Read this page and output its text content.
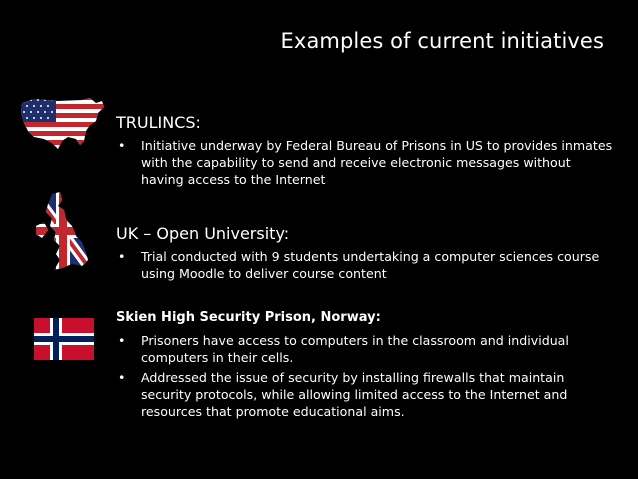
Examples of current initiatives
TRULINCS:
• Initiative underway by Federal Bureau of Prisons in US to provides inmates with the capability to send and receive electronic messages without having access to the Internet
UK – Open University:
• Trial conducted with 9 students undertaking a computer sciences course using Moodle to deliver course content
Skien High Security Prison, Norway:
• Prisoners have access to computers in the classroom and individual computers in their cells.
• Addressed the issue of security by installing firewalls that maintain security protocols, while allowing limited access to the Internet and resources that promote educational aims.
